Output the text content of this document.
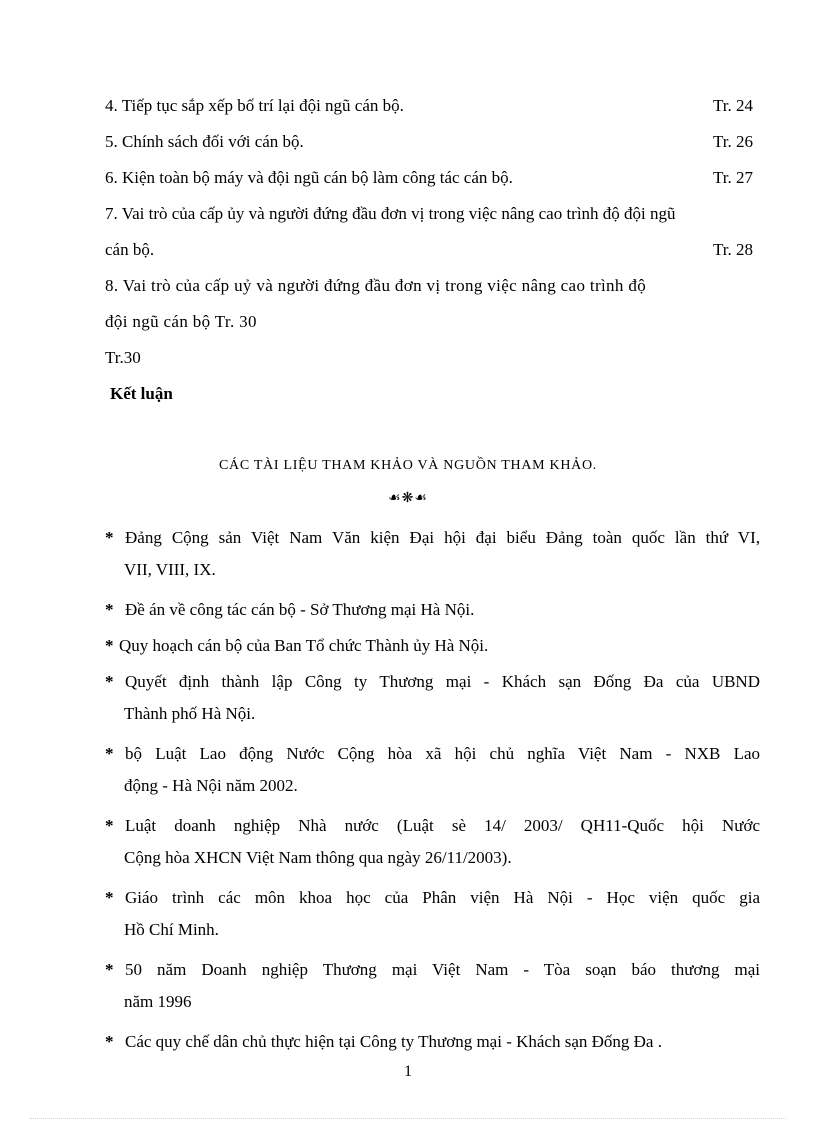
4. Tiếp tục sắp xếp bố trí lại đội ngũ cán bộ.	Tr. 24
5. Chính sách đối với cán bộ.	Tr. 26
6. Kiện toàn bộ máy và đội ngũ cán bộ làm công tác cán bộ.	Tr. 27
7. Vai trò của cấp ủy và người đứng đầu đơn vị trong việc nâng cao trình độ đội ngũ
cán bộ.	Tr. 28
8. Vai trò của cấp uỷ và người đứng đầu đơn vị trong việc nâng cao trình độ
đội ngũ cán bộ Tr. 30
Tr.30
Kết luận
CÁC TÀI LIỆU THAM KHẢO VÀ NGUỒN THAM KHẢO.
☙❋☙
* Đảng Cộng sản Việt Nam Văn kiện Đại hội đại biểu Đảng toàn quốc lần thứ VI,
VII, VIII, IX.
* Đề án về công tác cán bộ - Sở Thương mại Hà Nội.
* Quy hoạch cán bộ của Ban Tổ chức Thành ủy Hà Nội.
* Quyết định thành lập Công ty Thương mại - Khách sạn Đống Đa của UBND
Thành phố Hà Nội.
* bộ Luật Lao động Nước Cộng hòa xã hội chủ nghĩa Việt Nam - NXB Lao
động - Hà Nội năm 2002.
* Luật doanh nghiệp Nhà nước (Luật sè 14/ 2003/ QH11-Quốc hội Nước
Cộng hòa XHCN Việt Nam thông qua ngày 26/11/2003).
* Giáo trình các môn khoa học của Phân viện Hà Nội - Học viện quốc gia
Hồ Chí Minh.
* 50 năm Doanh nghiệp Thương mại Việt Nam - Tòa soạn báo thương mại
năm 1996
* Các quy chế dân chủ thực hiện tại Công ty Thương mại - Khách sạn Đống Đa .
1
